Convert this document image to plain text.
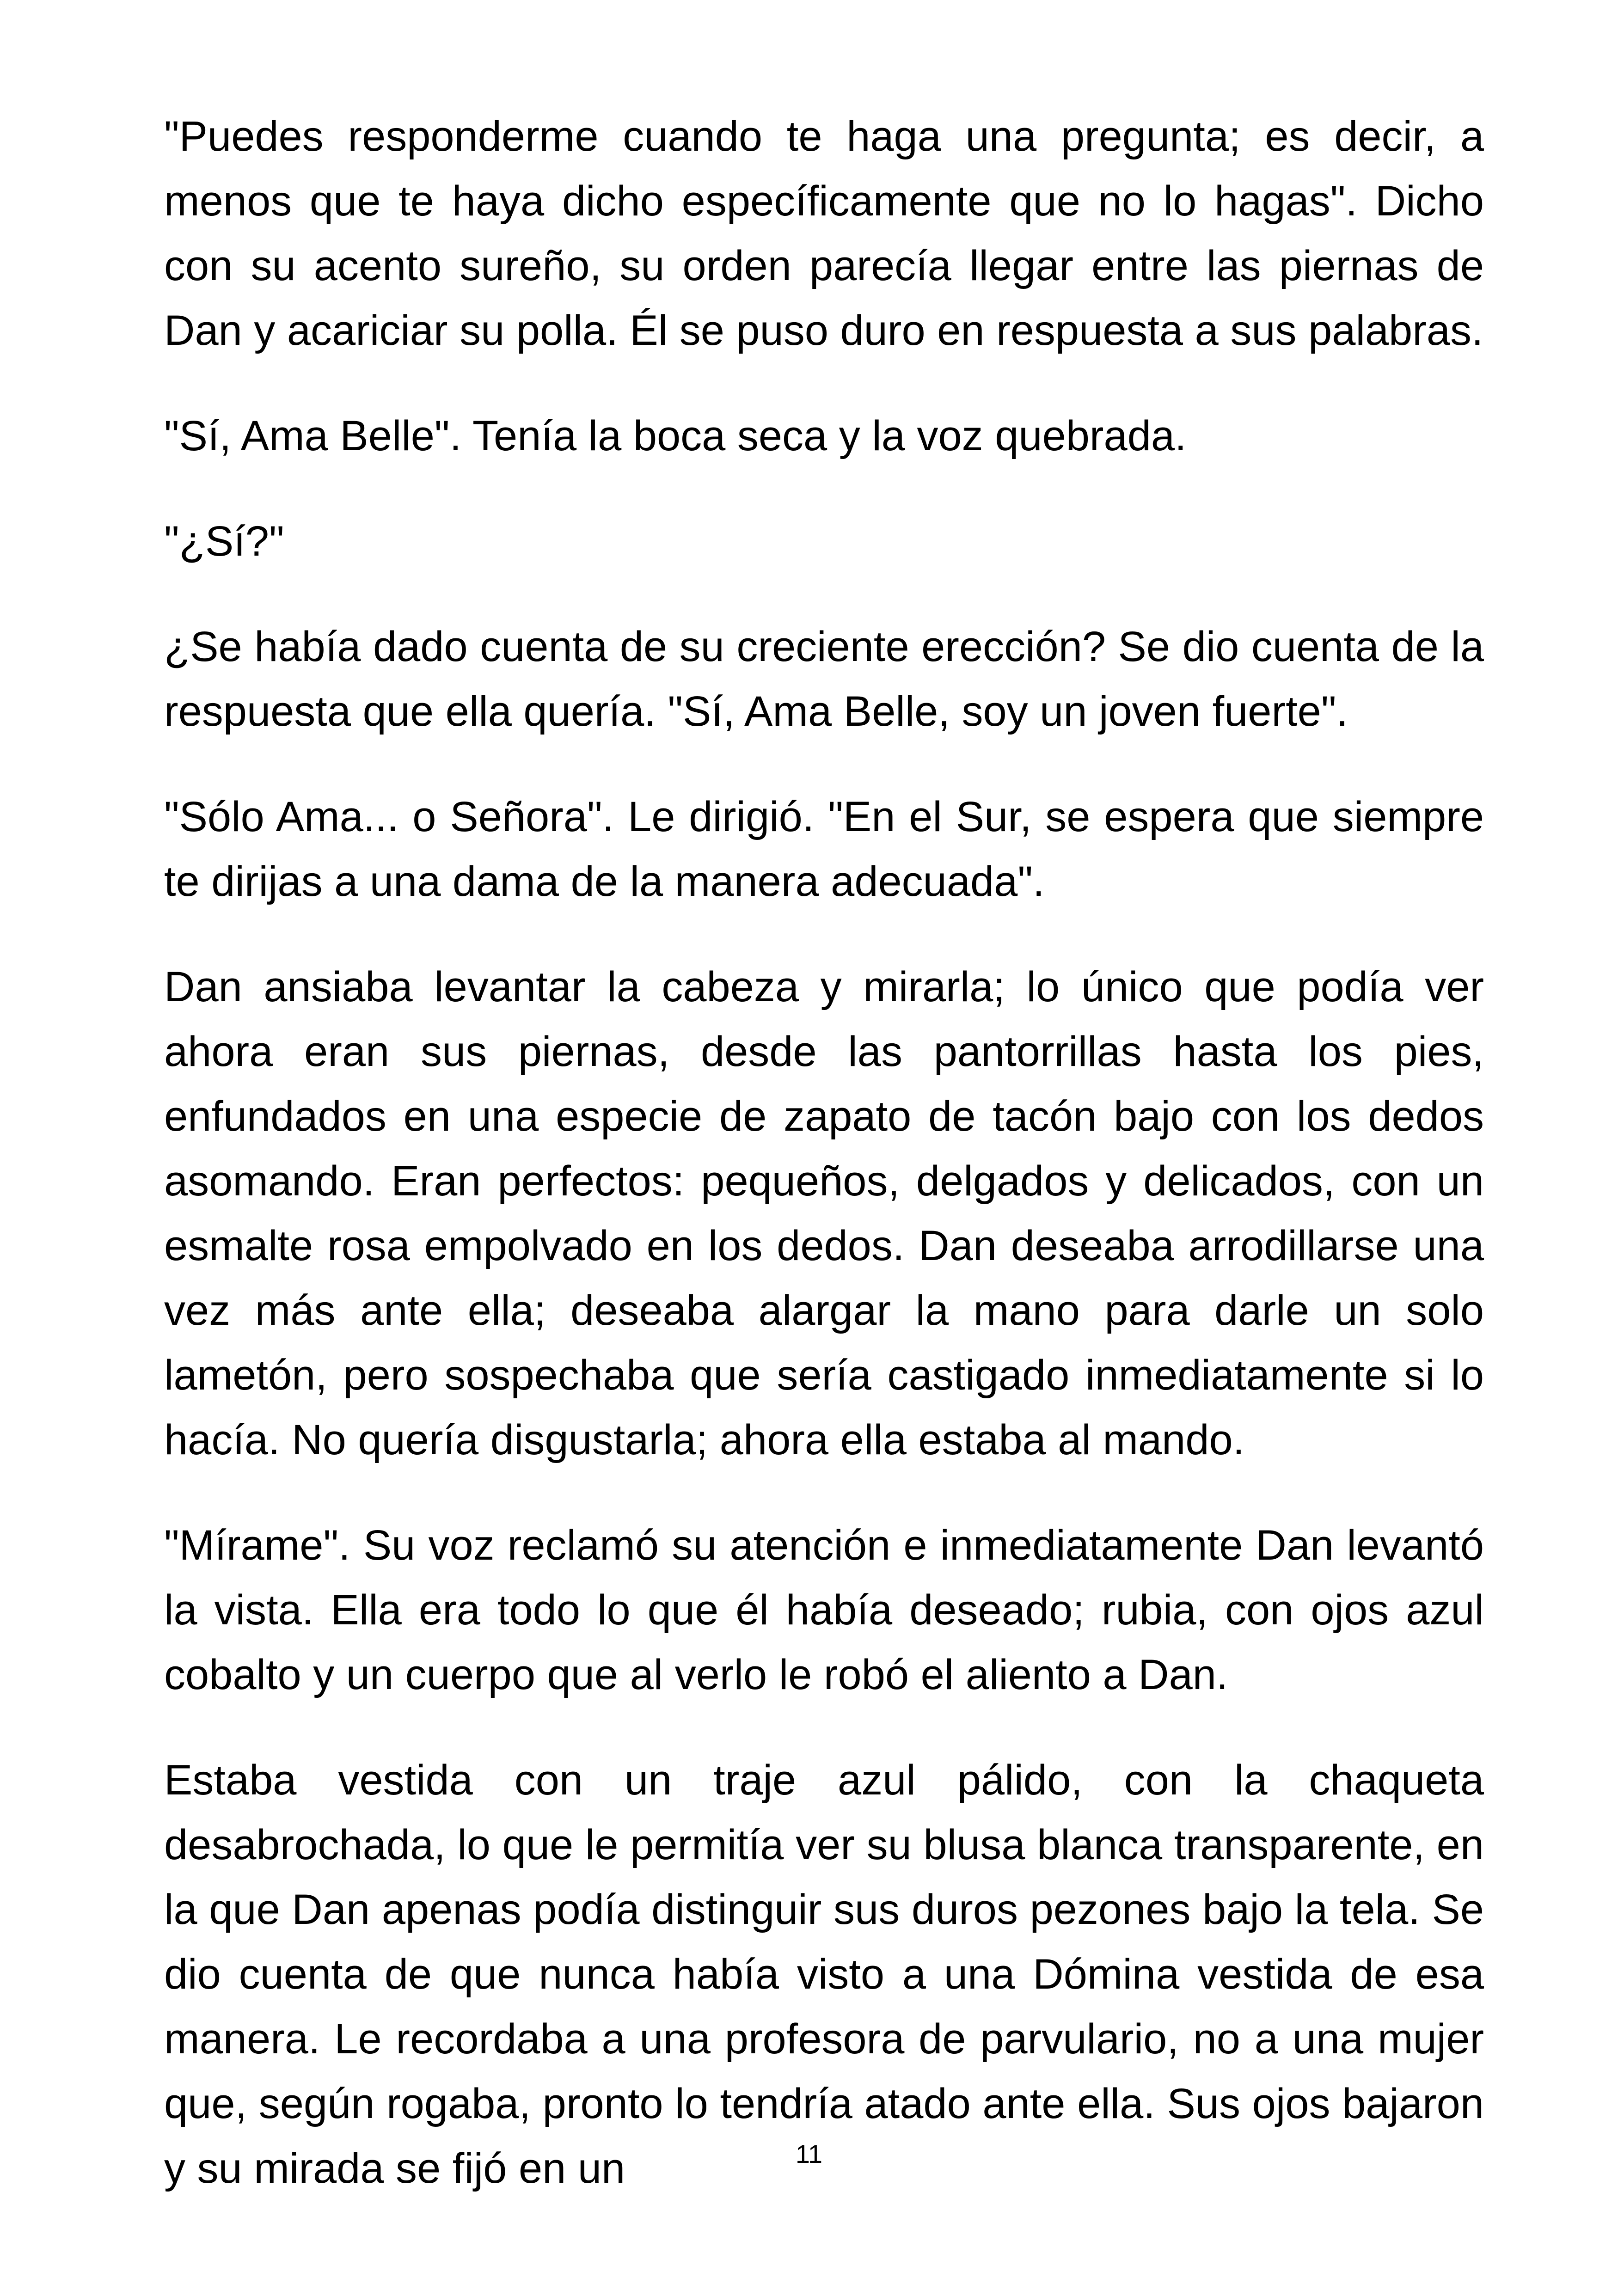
"Puedes responderme cuando te haga una pregunta; es decir, a menos que te haya dicho específicamente que no lo hagas". Dicho con su acento sureño, su orden parecía llegar entre las piernas de Dan y acariciar su polla. Él se puso duro en respuesta a sus palabras.

"Sí, Ama Belle". Tenía la boca seca y la voz quebrada.

"¿Sí?"

¿Se había dado cuenta de su creciente erección? Se dio cuenta de la respuesta que ella quería. "Sí, Ama Belle, soy un joven fuerte".

"Sólo Ama... o Señora". Le dirigió. "En el Sur, se espera que siempre te dirijas a una dama de la manera adecuada".

Dan ansiaba levantar la cabeza y mirarla; lo único que podía ver ahora eran sus piernas, desde las pantorrillas hasta los pies, enfundados en una especie de zapato de tacón bajo con los dedos asomando. Eran perfectos: pequeños, delgados y delicados, con un esmalte rosa empolvado en los dedos. Dan deseaba arrodillarse una vez más ante ella; deseaba alargar la mano para darle un solo lametón, pero sospechaba que sería castigado inmediatamente si lo hacía. No quería disgustarla; ahora ella estaba al mando.

"Mírame". Su voz reclamó su atención e inmediatamente Dan levantó la vista. Ella era todo lo que él había deseado; rubia, con ojos azul cobalto y un cuerpo que al verlo le robó el aliento a Dan.

Estaba vestida con un traje azul pálido, con la chaqueta desabrochada, lo que le permitía ver su blusa blanca transparente, en la que Dan apenas podía distinguir sus duros pezones bajo la tela. Se dio cuenta de que nunca había visto a una Dómina vestida de esa manera. Le recordaba a una profesora de parvulario, no a una mujer que, según rogaba, pronto lo tendría atado ante ella. Sus ojos bajaron y su mirada se fijó en un	11
